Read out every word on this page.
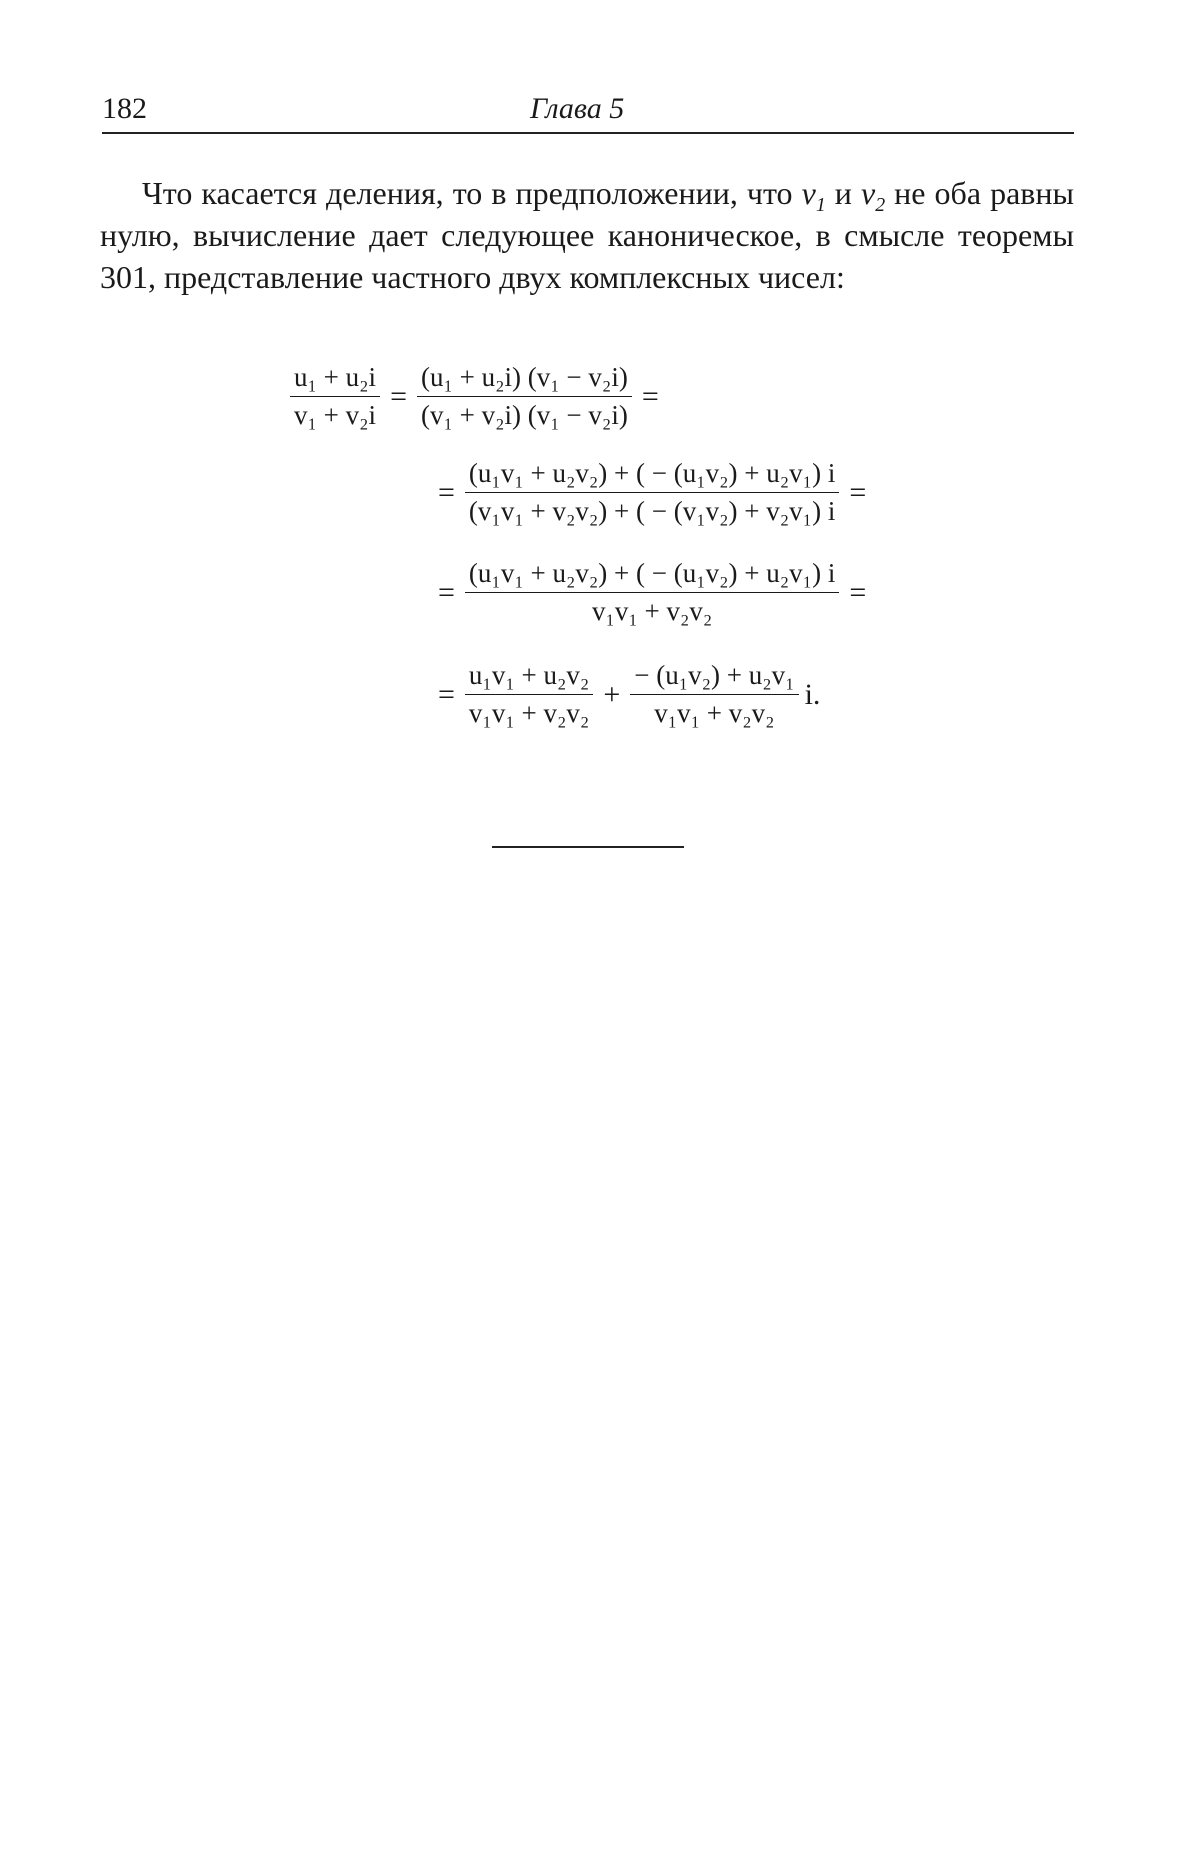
182	Глава 5

Что касается деления, то в предположении, что $v_1$ и $v_2$ не оба равны нулю, вычисление дает следующее каноническое, в смысле теоремы 301, представление частного двух комплексных чисел:

$\frac{\text{u₁ + u₂i}}{\text{v₁ + v₂i}} = \frac{\text{(u₁ + u₂i) (v₁ − v₂i)}}{\text{(v₁ + v₂i) (v₁ − v₂i)}}$ =
= $\frac{\text{(u₁v₁ + u₂v₂) + ( − (u₁v₂) + u₂v₁) i}}{\text{(v₁v₁ + v₂v₂) + ( − (v₁v₂) + v₂v₁) i}}$ =
= $\frac{\text{(u₁v₁ + u₂v₂) + ( − (u₁v₂) + u₂v₁) i}}{\text{v₁v₁ + v₂v₂}}$ =
= $\frac{\text{u₁v₁ + u₂v₂}}{\text{v₁v₁ + v₂v₂}} + \frac{\text{− (u₁v₂) + u₂v₁}}{\text{v₁v₁ + v₂v₂}} i$.
